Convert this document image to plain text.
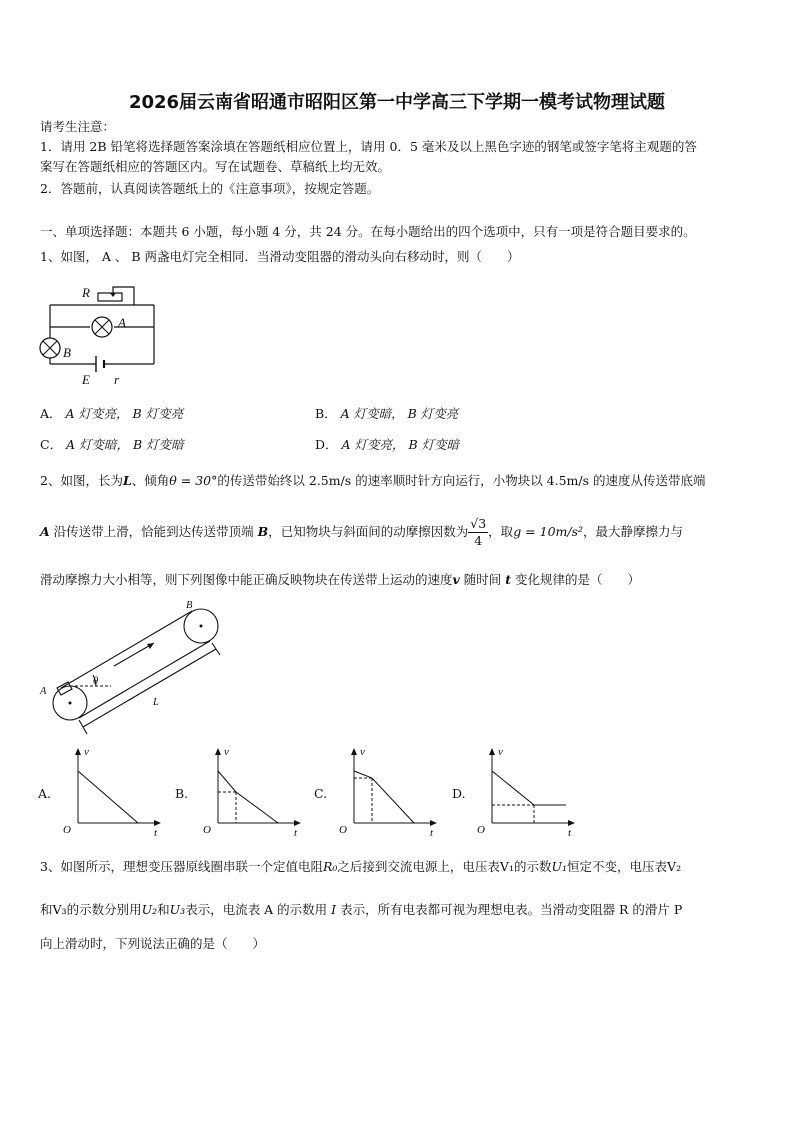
2026届云南省昭通市昭阳区第一中学高三下学期一模考试物理试题
请考生注意：
1．请用 2B 铅笔将选择题答案涂填在答题纸相应位置上，请用 0．5 毫米及以上黑色字迹的钢笔或签字笔将主观题的答
案写在答题纸相应的答题区内。写在试题卷、草稿纸上均无效。
2．答题前，认真阅读答题纸上的《注意事项》，按规定答题。
一、单项选择题：本题共 6 小题，每小题 4 分，共 24 分。在每小题给出的四个选项中，只有一项是符合题目要求的。
1、如图， A 、 B 两盏电灯完全相同．当滑动变阻器的滑动头向右移动时，则（　　）
R
A
B
E r
A． A 灯变亮， B 灯变亮	B． A 灯变暗， B 灯变亮
C． A 灯变暗， B 灯变暗	D． A 灯变亮， B 灯变暗
2、如图，长为L、倾角θ = 30°的传送带始终以 2.5m/s 的速率顺时针方向运行，小物块以 4.5m/s 的速度从传送带底端
A 沿传送带上滑，恰能到达传送带顶端 B，已知物块与斜面间的动摩擦因数为 $\frac{√3}{4}$ ，取g = 10m/s²，最大静摩擦力与
滑动摩擦力大小相等，则下列图像中能正确反映物块在传送带上运动的速度v 随时间 t 变化规律的是（　　）
A
B
θ
L
A.	B.	C.	D.
v
t
O
v
t
O
v
t
O
v
t
O
3、如图所示，理想变压器原线圈串联一个定值电阻R₀之后接到交流电源上，电压表V₁的示数U₁恒定不变，电压表V₂
和V₃的示数分别用U₂和U₃表示，电流表 A 的示数用 I 表示，所有电表都可视为理想电表。当滑动变阻器 R 的滑片 P
向上滑动时，下列说法正确的是（　　）
